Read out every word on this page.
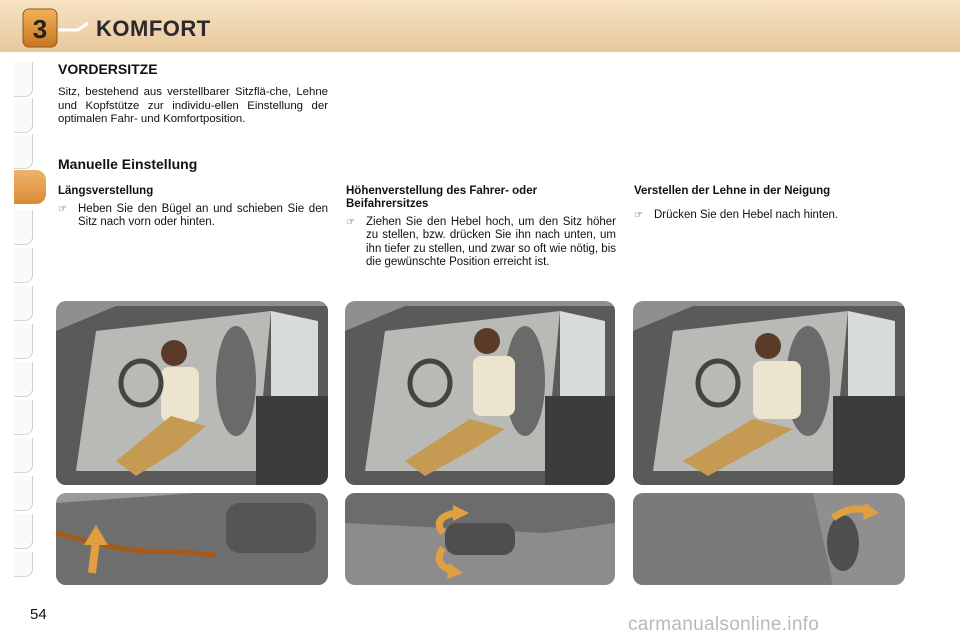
3 KOMFORT
VORDERSITZE
Sitz, bestehend aus verstellbarer Sitzflä-che, Lehne und Kopfstütze zur individu-ellen Einstellung der optimalen Fahr- und Komfortposition.
Manuelle Einstellung
Längsverstellung
☞ Heben Sie den Bügel an und schieben Sie den Sitz nach vorn oder hinten.
Höhenverstellung des Fahrer- oder Beifahrersitzes
☞ Ziehen Sie den Hebel hoch, um den Sitz höher zu stellen, bzw. drücken Sie ihn nach unten, um ihn tiefer zu stellen, und zwar so oft wie nötig, bis die gewünschte Position erreicht ist.
Verstellen der Lehne in der Neigung
☞ Drücken Sie den Hebel nach hinten.
54	carmanualsonline.info
